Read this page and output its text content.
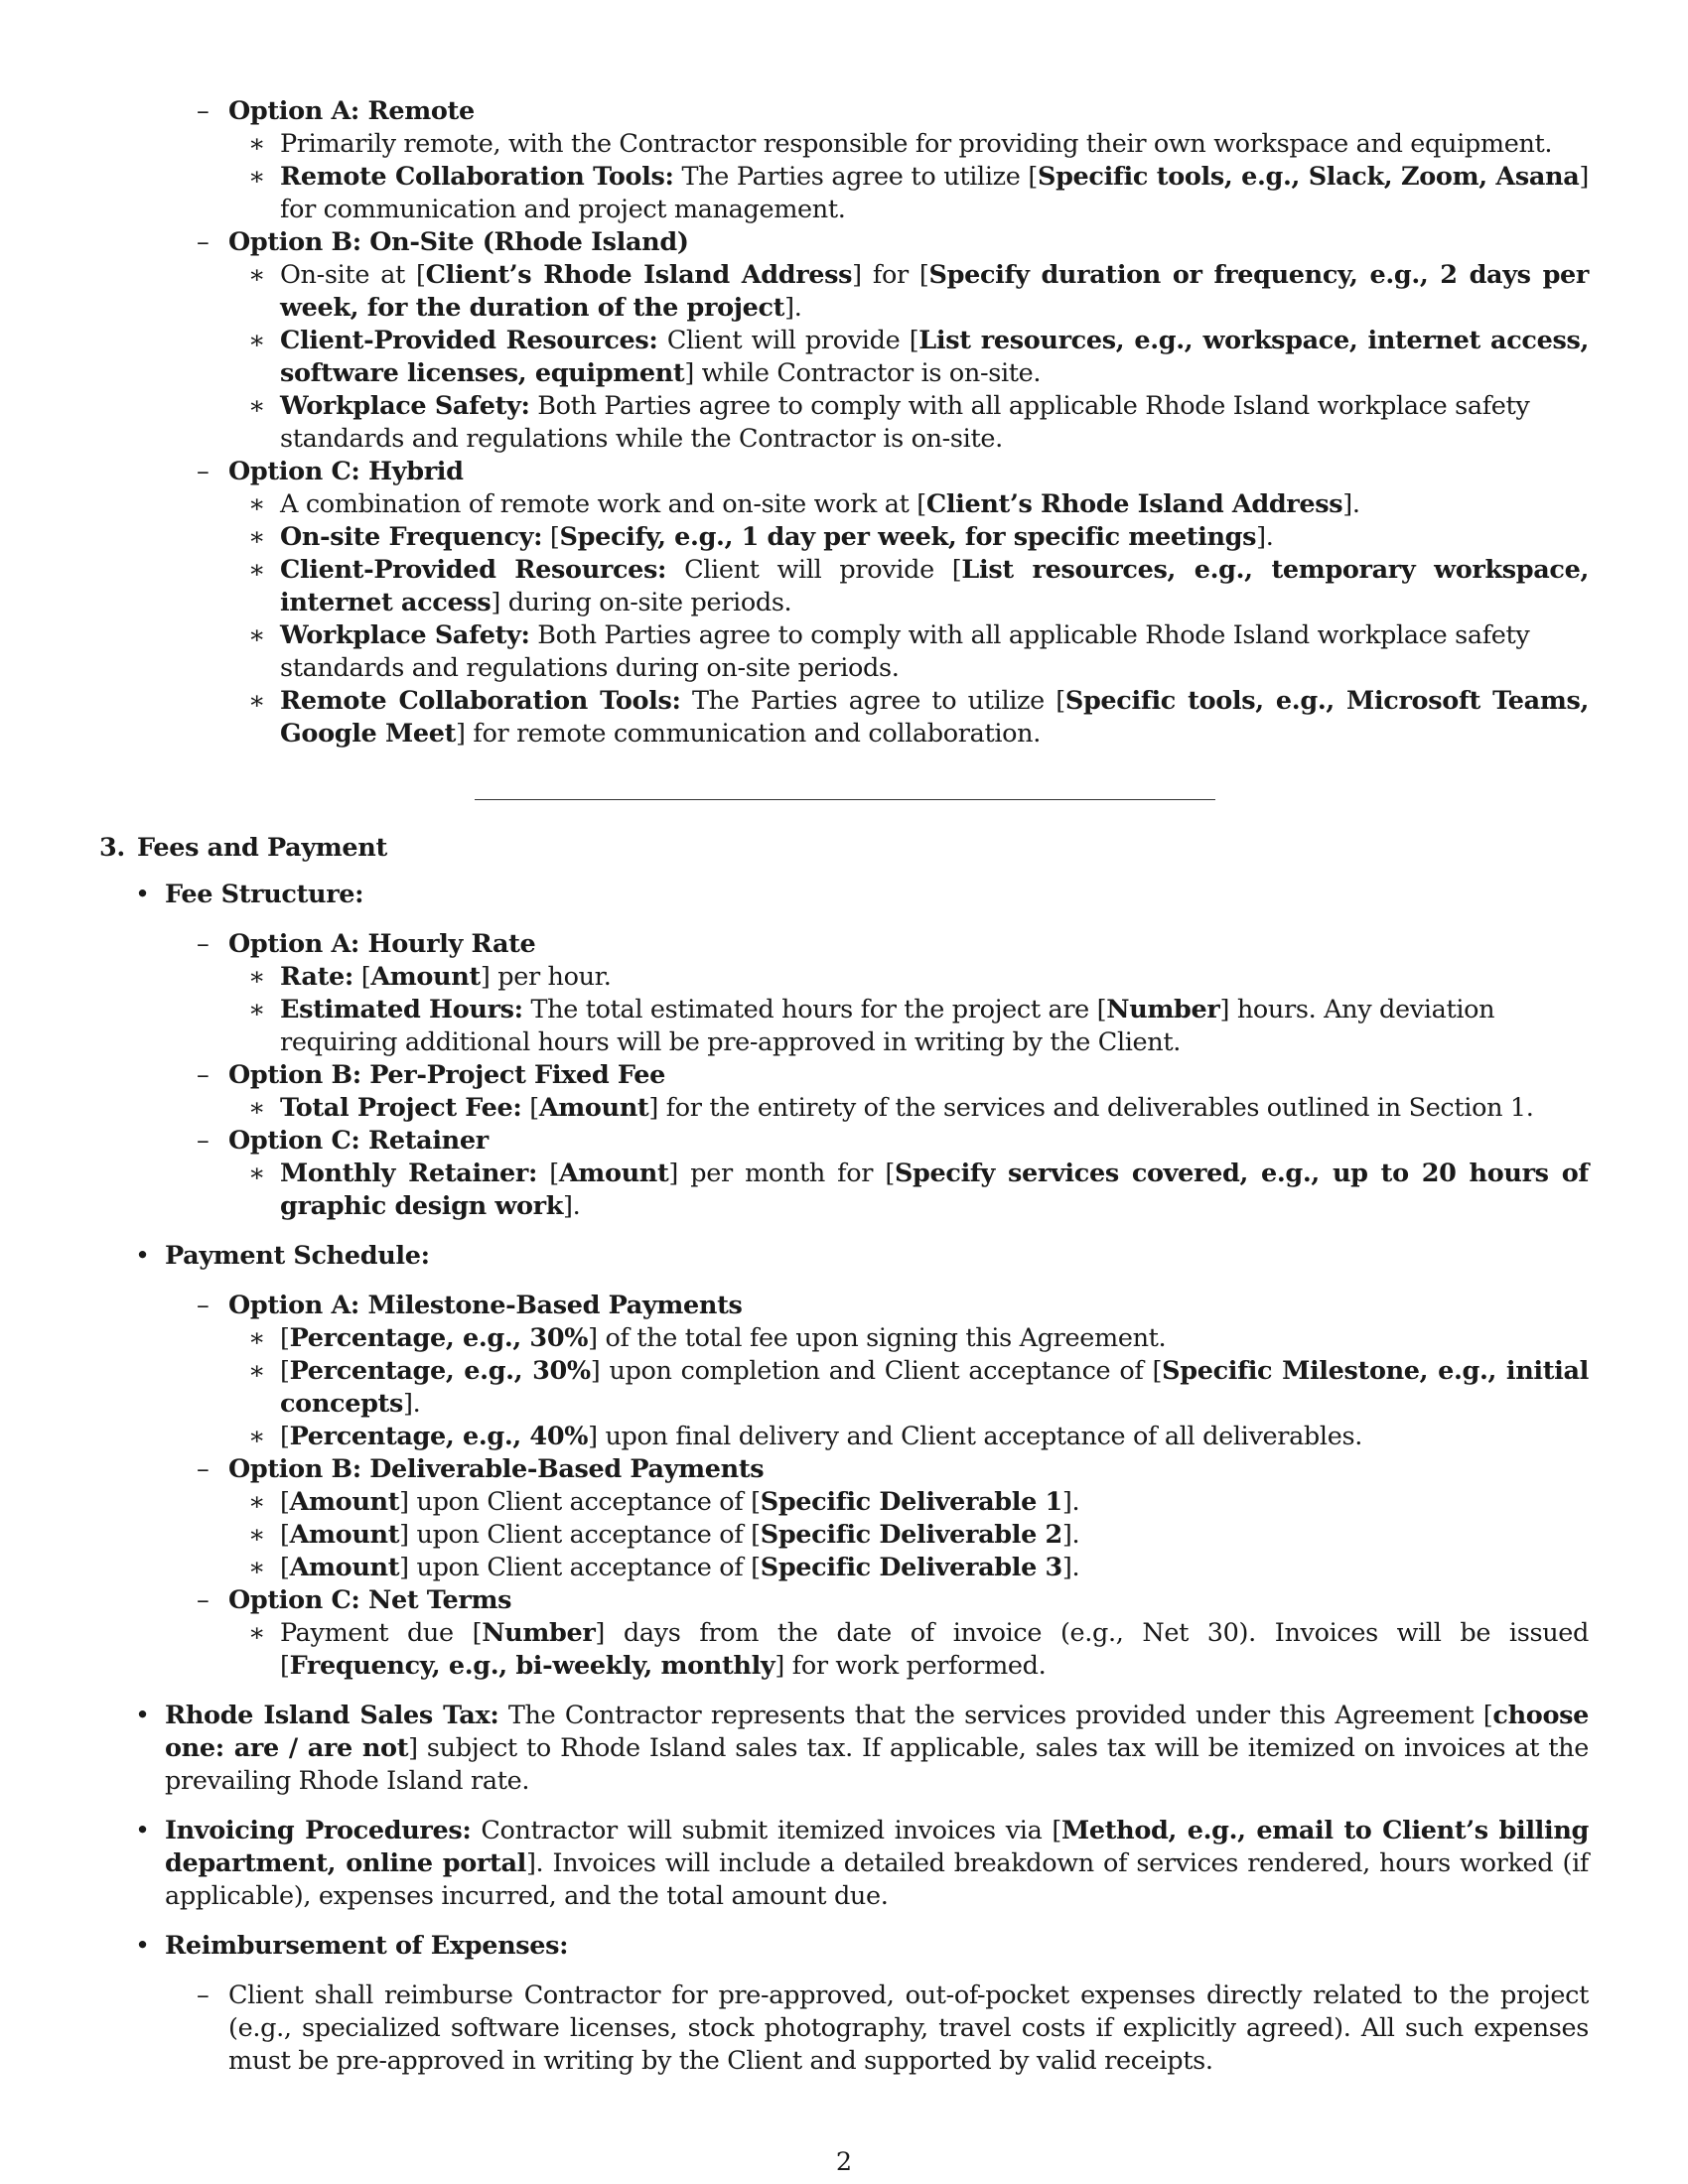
– Option A: Remote
∗ Primarily remote, with the Contractor responsible for providing their own workspace and equipment.
∗ Remote Collaboration Tools: The Parties agree to utilize [Specific tools, e.g., Slack, Zoom, Asana] for communication and project management.
– Option B: On-Site (Rhode Island)
∗ On-site at [Client’s Rhode Island Address] for [Specify duration or frequency, e.g., 2 days per week, for the duration of the project].
∗ Client-Provided Resources: Client will provide [List resources, e.g., workspace, internet access, software licenses, equipment] while Contractor is on-site.
∗ Workplace Safety: Both Parties agree to comply with all applicable Rhode Island workplace safety standards and regulations while the Contractor is on-site.
– Option C: Hybrid
∗ A combination of remote work and on-site work at [Client’s Rhode Island Address].
∗ On-site Frequency: [Specify, e.g., 1 day per week, for specific meetings].
∗ Client-Provided Resources: Client will provide [List resources, e.g., temporary workspace, internet access] during on-site periods.
∗ Workplace Safety: Both Parties agree to comply with all applicable Rhode Island workplace safety standards and regulations during on-site periods.
∗ Remote Collaboration Tools: The Parties agree to utilize [Specific tools, e.g., Microsoft Teams, Google Meet] for remote communication and collaboration.
3. Fees and Payment
• Fee Structure:
– Option A: Hourly Rate
∗ Rate: [Amount] per hour.
∗ Estimated Hours: The total estimated hours for the project are [Number] hours. Any deviation requiring additional hours will be pre-approved in writing by the Client.
– Option B: Per-Project Fixed Fee
∗ Total Project Fee: [Amount] for the entirety of the services and deliverables outlined in Section 1.
– Option C: Retainer
∗ Monthly Retainer: [Amount] per month for [Specify services covered, e.g., up to 20 hours of graphic design work].
• Payment Schedule:
– Option A: Milestone-Based Payments
∗ [Percentage, e.g., 30%] of the total fee upon signing this Agreement.
∗ [Percentage, e.g., 30%] upon completion and Client acceptance of [Specific Milestone, e.g., initial concepts].
∗ [Percentage, e.g., 40%] upon final delivery and Client acceptance of all deliverables.
– Option B: Deliverable-Based Payments
∗ [Amount] upon Client acceptance of [Specific Deliverable 1].
∗ [Amount] upon Client acceptance of [Specific Deliverable 2].
∗ [Amount] upon Client acceptance of [Specific Deliverable 3].
– Option C: Net Terms
∗ Payment due [Number] days from the date of invoice (e.g., Net 30). Invoices will be issued [Frequency, e.g., bi-weekly, monthly] for work performed.
• Rhode Island Sales Tax: The Contractor represents that the services provided under this Agreement [choose one: are / are not] subject to Rhode Island sales tax. If applicable, sales tax will be itemized on invoices at the prevailing Rhode Island rate.
• Invoicing Procedures: Contractor will submit itemized invoices via [Method, e.g., email to Client’s billing department, online portal]. Invoices will include a detailed breakdown of services rendered, hours worked (if applicable), expenses incurred, and the total amount due.
• Reimbursement of Expenses:
– Client shall reimburse Contractor for pre-approved, out-of-pocket expenses directly related to the project (e.g., specialized software licenses, stock photography, travel costs if explicitly agreed). All such expenses must be pre-approved in writing by the Client and supported by valid receipts.
2
